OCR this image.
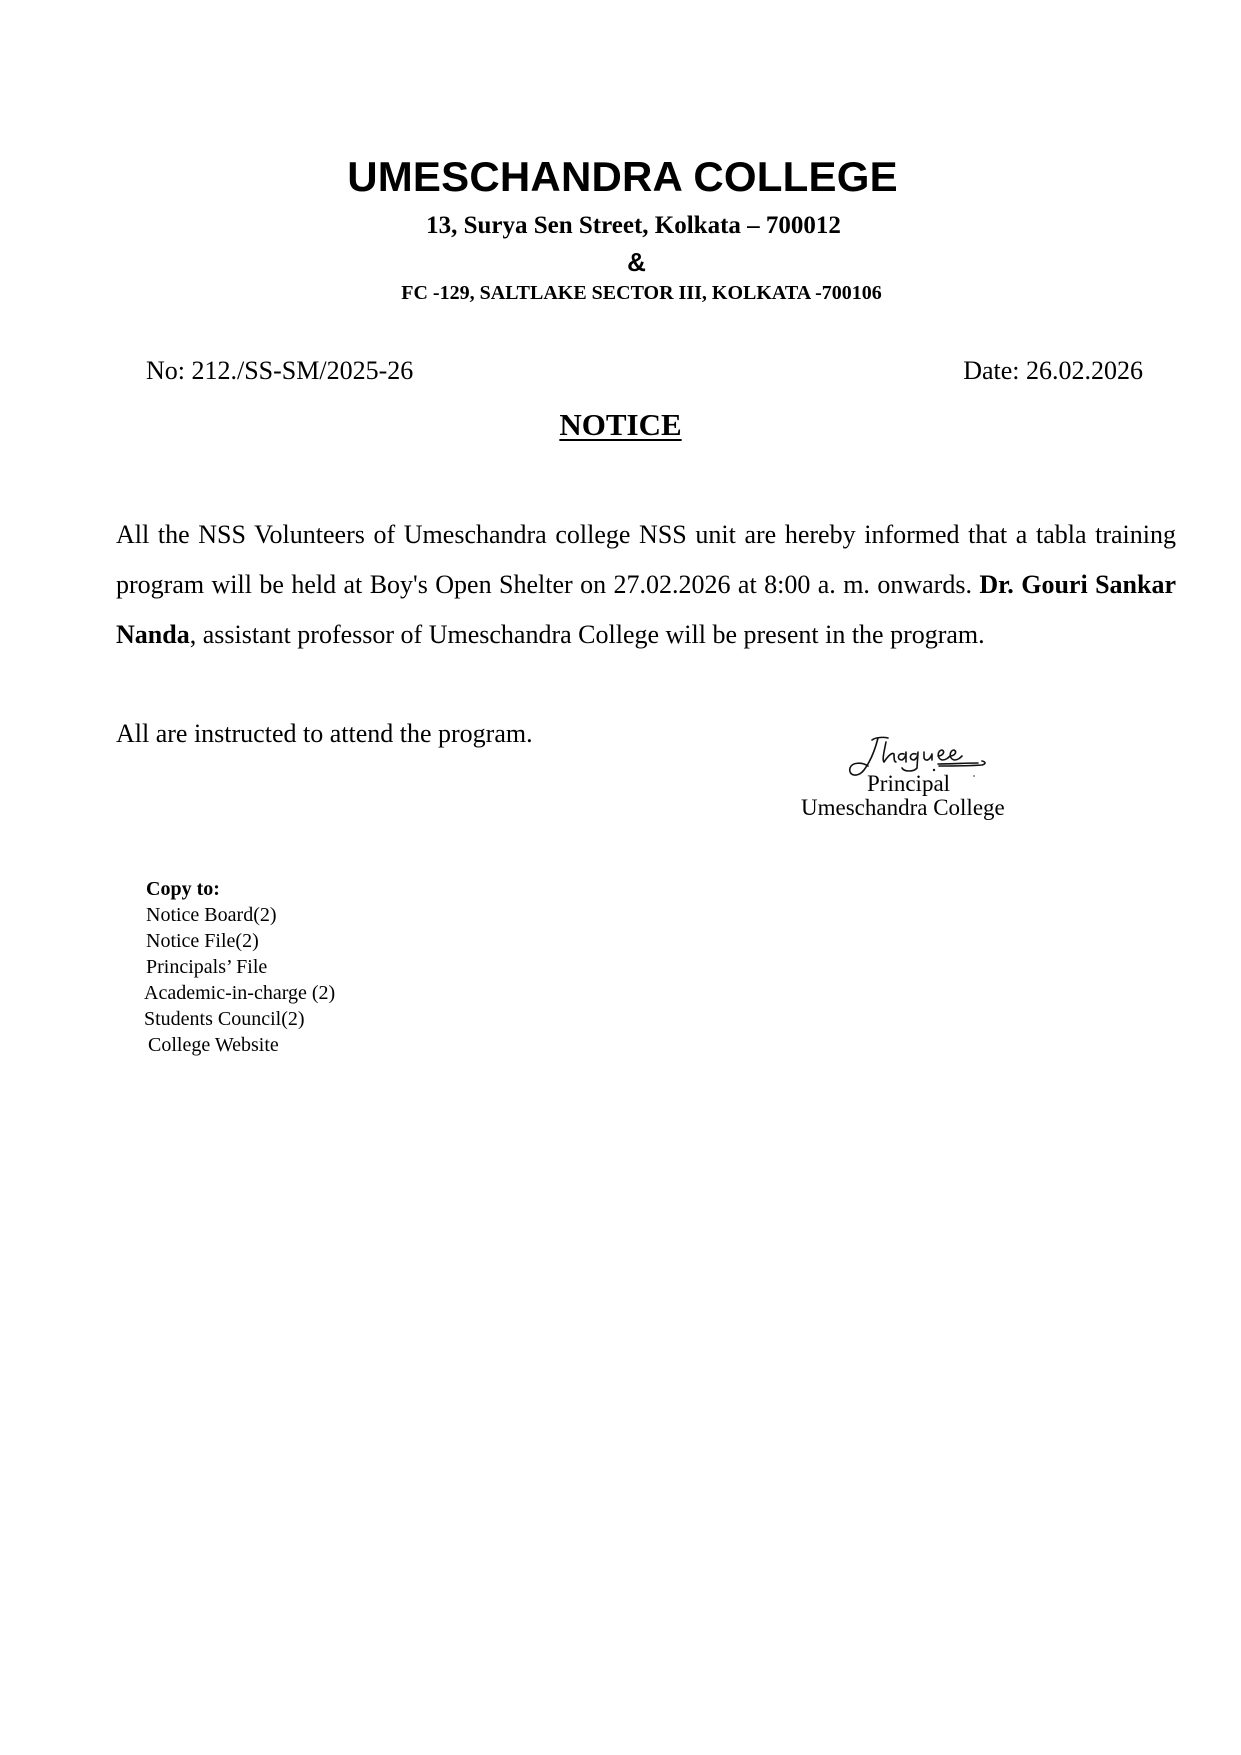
UMESCHANDRA COLLEGE
13, Surya Sen Street, Kolkata – 700012
&
FC -129, SALTLAKE SECTOR III, KOLKATA -700106
No: 212./SS-SM/2025-26	Date: 26.02.2026
NOTICE

All the NSS Volunteers of Umeschandra college NSS unit are hereby informed that a tabla training program will be held at Boy's Open Shelter on 27.02.2026 at 8:00 a. m. onwards. Dr. Gouri Sankar Nanda, assistant professor of Umeschandra College will be present in the program.

All are instructed to attend the program.
Principal
Umeschandra College
Copy to:
Notice Board(2)
Notice File(2)
Principals’ File
Academic-in-charge (2)
Students Council(2)
College Website
